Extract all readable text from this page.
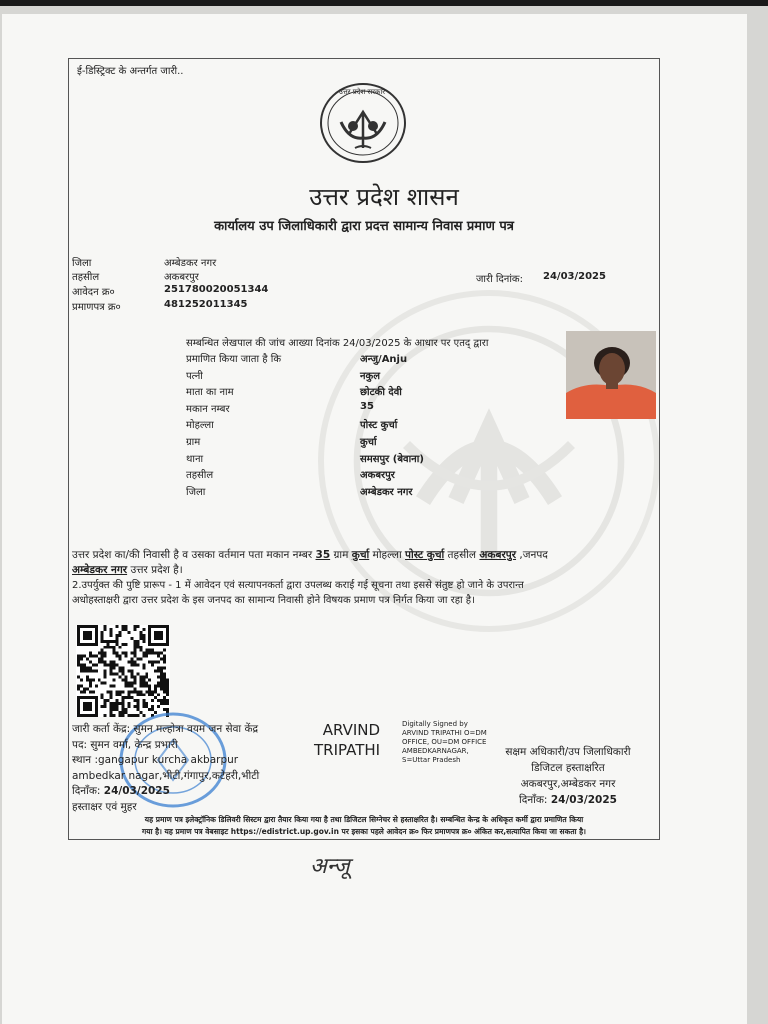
ई-डिस्ट्रिक्ट के अन्तर्गत जारी..
उत्तर प्रदेश सरकार
उत्तर प्रदेश शासन
कार्यालय उप जिलाधिकारी द्वारा प्रदत्त सामान्य निवास प्रमाण पत्र
जिला	अम्बेडकर नगर
तहसील	अकबरपुर
आवेदन क्र०	251780020051344
प्रमाणपत्र क्र०	481252011345
जारी दिनांक: 24/03/2025
सम्बन्धित लेखपाल की जांच आख्या दिनांक 24/03/2025 के आधार पर एतद् द्वारा
प्रमाणित किया जाता है कि	अन्जु/Anju
पत्नी	नकुल
माता का नाम	छोटकी देवी
मकान नम्बर	35
मोहल्ला	पोस्ट कुर्चा
ग्राम	कुर्चा
थाना	समसपुर (बेवाना)
तहसील	अकबरपुर
जिला	अम्बेडकर नगर
उत्तर प्रदेश का/की निवासी है व उसका वर्तमान पता मकान नम्बर 35 ग्राम कुर्चा मोहल्ला पोस्ट कुर्चा तहसील अकबरपुर ,जनपद
अम्बेडकर नगर उत्तर प्रदेश है।
2.उपर्युक्त की पुष्टि प्रारूप - 1 में आवेदन एवं सत्यापनकर्ता द्वारा उपलब्ध कराई गई सूचना तथा इससे संतुष्ट हो जाने के उपरान्त
अधोहस्ताक्षरी द्वारा उत्तर प्रदेश के इस जनपद का सामान्य निवासी होने विषयक प्रमाण पत्र निर्गत किया जा रहा है।
जारी कर्ता केंद्र: सुमन मल्होत्रा वयम जन सेवा केंद्र
पद: सुमन वर्मा, केन्द्र प्रभारी
स्थान :gangapur kurcha akbarpur
ambedkar nagar,भीटी,गंगापुर,कटेहरी,भीटी
दिनाँक: 24/03/2025
हस्ताक्षर एवं मुहर
ARVIND
TRIPATHI
Digitally Signed by
ARVIND TRIPATHI O=DM
OFFICE, OU=DM OFFICE
AMBEDKARNAGAR,
S=Uttar Pradesh
सक्षम अधिकारी/उप जिलाधिकारी
डिजिटल हस्ताक्षरित
अकबरपुर,अम्बेडकर नगर
दिनाँक: 24/03/2025
यह प्रमाण पत्र इलेक्ट्रॉनिक डिलिवरी सिस्टम द्वारा तैयार किया गया है तथा डिजिटल सिग्नेचर से हस्ताक्षरित है। सम्बन्धित केन्द्र के अधिकृत कर्मी द्वारा प्रमाणित किया
गया है। यह प्रमाण पत्र वेबसाइट https://edistrict.up.gov.in पर इसका पहले आवेदन क्र० फिर प्रमाणपत्र क्र० अंकित कर,सत्यापित किया जा सकता है।
अन्जू
